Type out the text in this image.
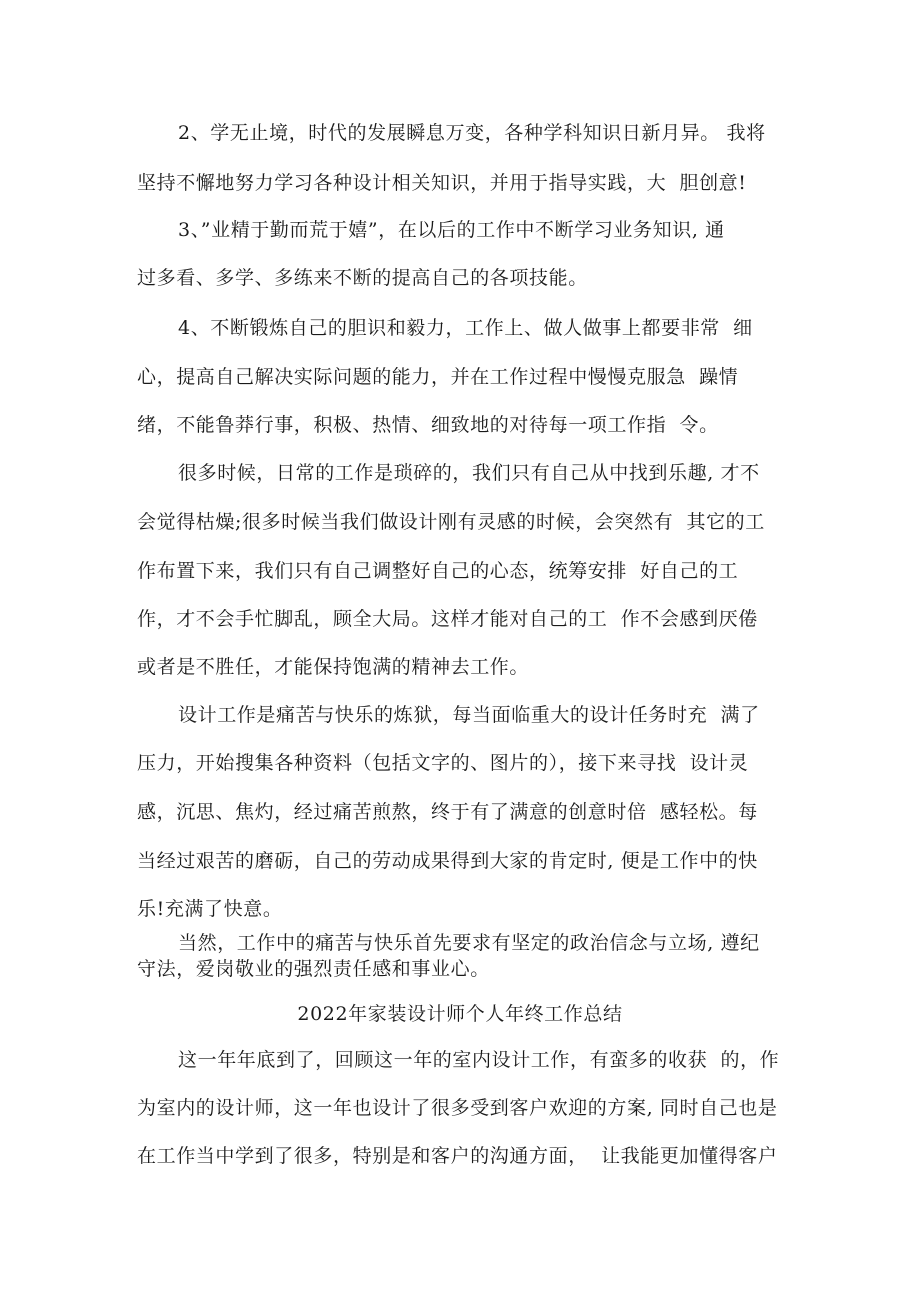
2、学无止境，时代的发展瞬息万变，各种学科知识日新月异。 我将
坚持不懈地努力学习各种设计相关知识，并用于指导实践，大  胆创意!
3、”业精于勤而荒于嬉”，在以后的工作中不断学习业务知识, 通
过多看、多学、多练来不断的提高自己的各项技能。
4、不断锻炼自己的胆识和毅力，工作上、做人做事上都要非常  细
心，提高自己解决实际问题的能力，并在工作过程中慢慢克服急  躁情
绪，不能鲁莽行事，积极、热情、细致地的对待每一项工作指  令。
很多时候，日常的工作是琐碎的，我们只有自己从中找到乐趣, 才不
会觉得枯燥;很多时候当我们做设计刚有灵感的时候，会突然有  其它的工
作布置下来，我们只有自己调整好自己的心态，统筹安排  好自己的工
作，才不会手忙脚乱，顾全大局。这样才能对自己的工  作不会感到厌倦
或者是不胜任，才能保持饱满的精神去工作。
设计工作是痛苦与快乐的炼狱，每当面临重大的设计任务时充  满了
压力，开始搜集各种资料（包括文字的、图片的），接下来寻找  设计灵
感，沉思、焦灼，经过痛苦煎熬，终于有了满意的创意时倍  感轻松。每
当经过艰苦的磨砺，自己的劳动成果得到大家的肯定时, 便是工作中的快
乐!充满了快意。
当然，工作中的痛苦与快乐首先要求有坚定的政治信念与立场, 遵纪
守法，爱岗敬业的强烈责任感和事业心。
2022年家装设计师个人年终工作总结
这一年年底到了，回顾这一年的室内设计工作，有蛮多的收获  的，作
为室内的设计师，这一年也设计了很多受到客户欢迎的方案, 同时自己也是
在工作当中学到了很多，特别是和客户的沟通方面，  让我能更加懂得客户
